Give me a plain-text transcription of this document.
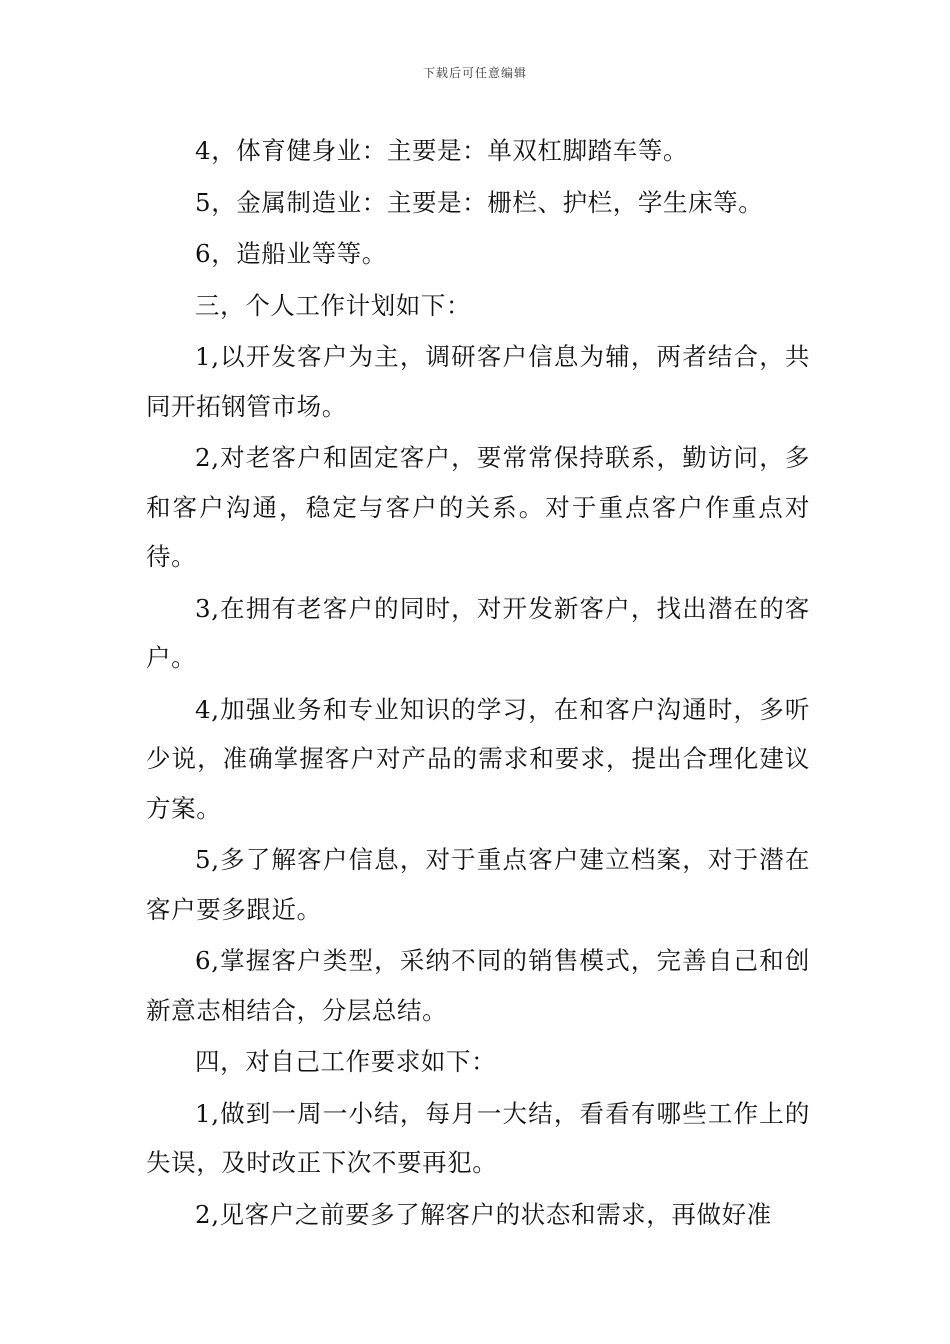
下载后可任意编辑

4，体育健身业：主要是：单双杠脚踏车等。

5，金属制造业：主要是：栅栏、护栏，学生床等。

6，造船业等等。

三，个人工作计划如下：

1,以开发客户为主，调研客户信息为辅，两者结合，共同开拓钢管市场。

2,对老客户和固定客户，要常常保持联系，勤访问，多和客户沟通，稳定与客户的关系。对于重点客户作重点对待。

3,在拥有老客户的同时，对开发新客户，找出潜在的客户。

4,加强业务和专业知识的学习，在和客户沟通时，多听少说，准确掌握客户对产品的需求和要求，提出合理化建议方案。

5,多了解客户信息，对于重点客户建立档案，对于潜在客户要多跟近。

6,掌握客户类型，采纳不同的销售模式，完善自己和创新意志相结合，分层总结。

四，对自己工作要求如下：

1,做到一周一小结，每月一大结，看看有哪些工作上的失误，及时改正下次不要再犯。

2,见客户之前要多了解客户的状态和需求，再做好准
